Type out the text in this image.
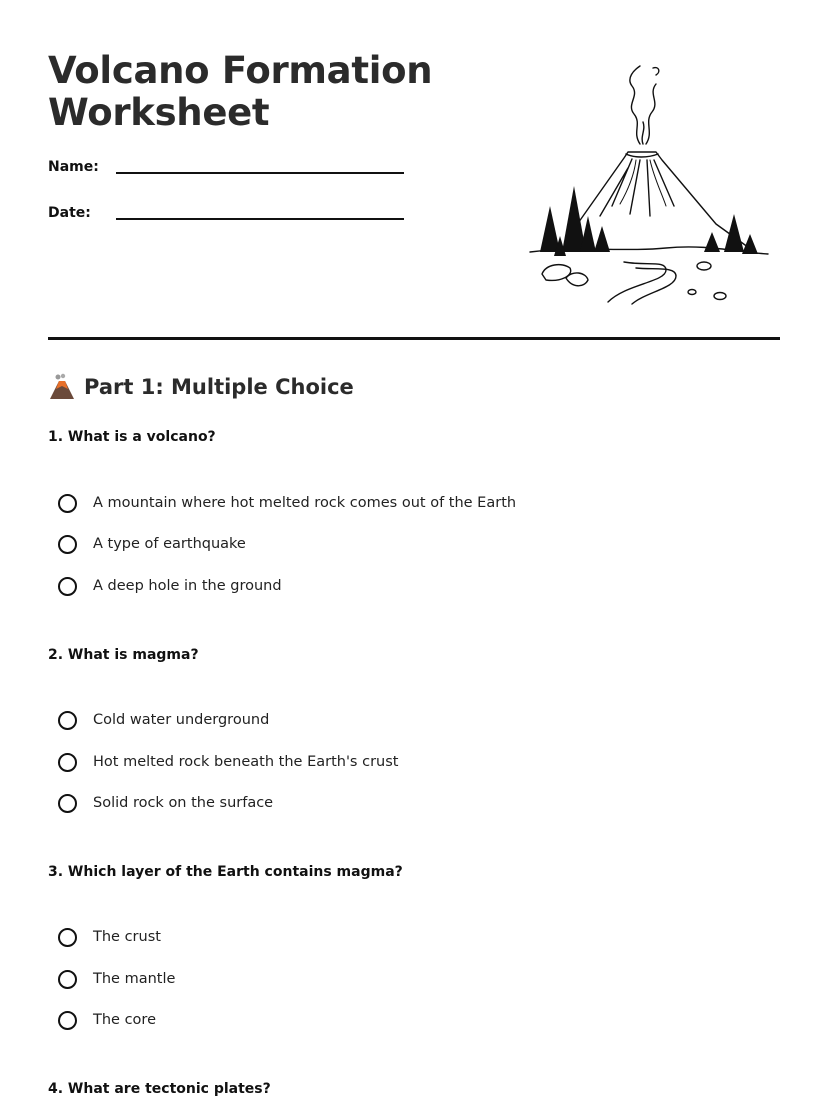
Volcano Formation
Worksheet
Name:
Date:
Part 1: Multiple Choice
1. What is a volcano?
A mountain where hot melted rock comes out of the Earth
A type of earthquake
A deep hole in the ground
2. What is magma?
Cold water underground
Hot melted rock beneath the Earth's crust
Solid rock on the surface
3. Which layer of the Earth contains magma?
The crust
The mantle
The core
4. What are tectonic plates?
